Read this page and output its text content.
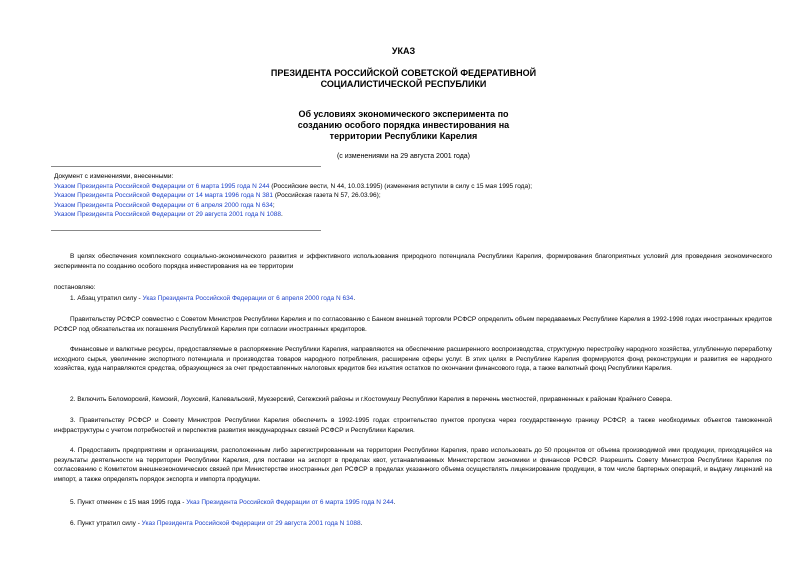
УКАЗ
ПРЕЗИДЕНТА РОССИЙСКОЙ СОВЕТСКОЙ ФЕДЕРАТИВНОЙ
СОЦИАЛИСТИЧЕСКОЙ РЕСПУБЛИКИ
Об условиях экономического эксперимента по
созданию особого порядка инвестирования на
территории Республики Карелия
(с изменениями на 29 августа 2001 года)
Документ с изменениями, внесенными:
Указом Президента Российской Федерации от 6 марта 1995 года N 244 (Российские вести, N 44, 10.03.1995) (изменения вступили в силу с 15 мая 1995 года);
Указом Президента Российской Федерации от 14 марта 1996 года N 381 (Российская газета N 57, 26.03.96);
Указом Президента Российской Федерации от 6 апреля 2000 года N 634;
Указом Президента Российской Федерации от 29 августа 2001 года N 1088.
В целях обеспечения комплексного социально-экономического развития и эффективного использования природного потенциала Республики Карелия, формирования благоприятных условий для проведения экономического эксперимента по созданию особого порядка инвестирования на ее территории
постановляю:
1. Абзац утратил силу - Указ Президента Российской Федерации от 6 апреля 2000 года N 634.
Правительству РСФСР совместно с Советом Министров Республики Карелия и по согласованию с Банком внешней торговли РСФСР определить объем передаваемых Республике Карелия в 1992-1998 годах иностранных кредитов РСФСР под обязательства их погашения Республикой Карелия при согласии иностранных кредиторов.
Финансовые и валютные ресурсы, предоставляемые в распоряжение Республики Карелия, направляются на обеспечение расширенного воспроизводства, структурную перестройку народного хозяйства, углубленную переработку исходного сырья, увеличение экспортного потенциала и производства товаров народного потребления, расширение сферы услуг. В этих целях в Республике Карелия формируются фонд реконструкции и развития ее народного хозяйства, куда направляются средства, образующиеся за счет предоставленных налоговых кредитов без изъятия остатков по окончании финансового года, а также валютный фонд Республики Карелия.
2. Включить Беломорский, Кемский, Лоухский, Калевальский, Муезерский, Сегежский районы и г.Костомукшу Республики Карелия в перечень местностей, приравненных к районам Крайнего Севера.
3. Правительству РСФСР и Совету Министров Республики Карелия обеспечить в 1992-1995 годах строительство пунктов пропуска через государственную границу РСФСР, а также необходимых объектов таможенной инфраструктуры с учетом потребностей и перспектив развития международных связей РСФСР и Республики Карелия.
4. Предоставить предприятиям и организациям, расположенным либо зарегистрированным на территории Республики Карелия, право использовать до 50 процентов от объема производимой ими продукции, приходящейся на результаты деятельности на территории Республики Карелия, для поставки на экспорт в пределах квот, устанавливаемых Министерством экономики и финансов РСФСР. Разрешить Совету Министров Республики Карелия по согласованию с Комитетом внешнеэкономических связей при Министерстве иностранных дел РСФСР в пределах указанного объема осуществлять лицензирование продукции, в том числе бартерных операций, и выдачу лицензий на импорт, а также определять порядок экспорта и импорта продукции.
5. Пункт отменен с 15 мая 1995 года - Указ Президента Российской Федерации от 6 марта 1995 года N 244.
6. Пункт утратил силу - Указ Президента Российской Федерации от 29 августа 2001 года N 1088.
